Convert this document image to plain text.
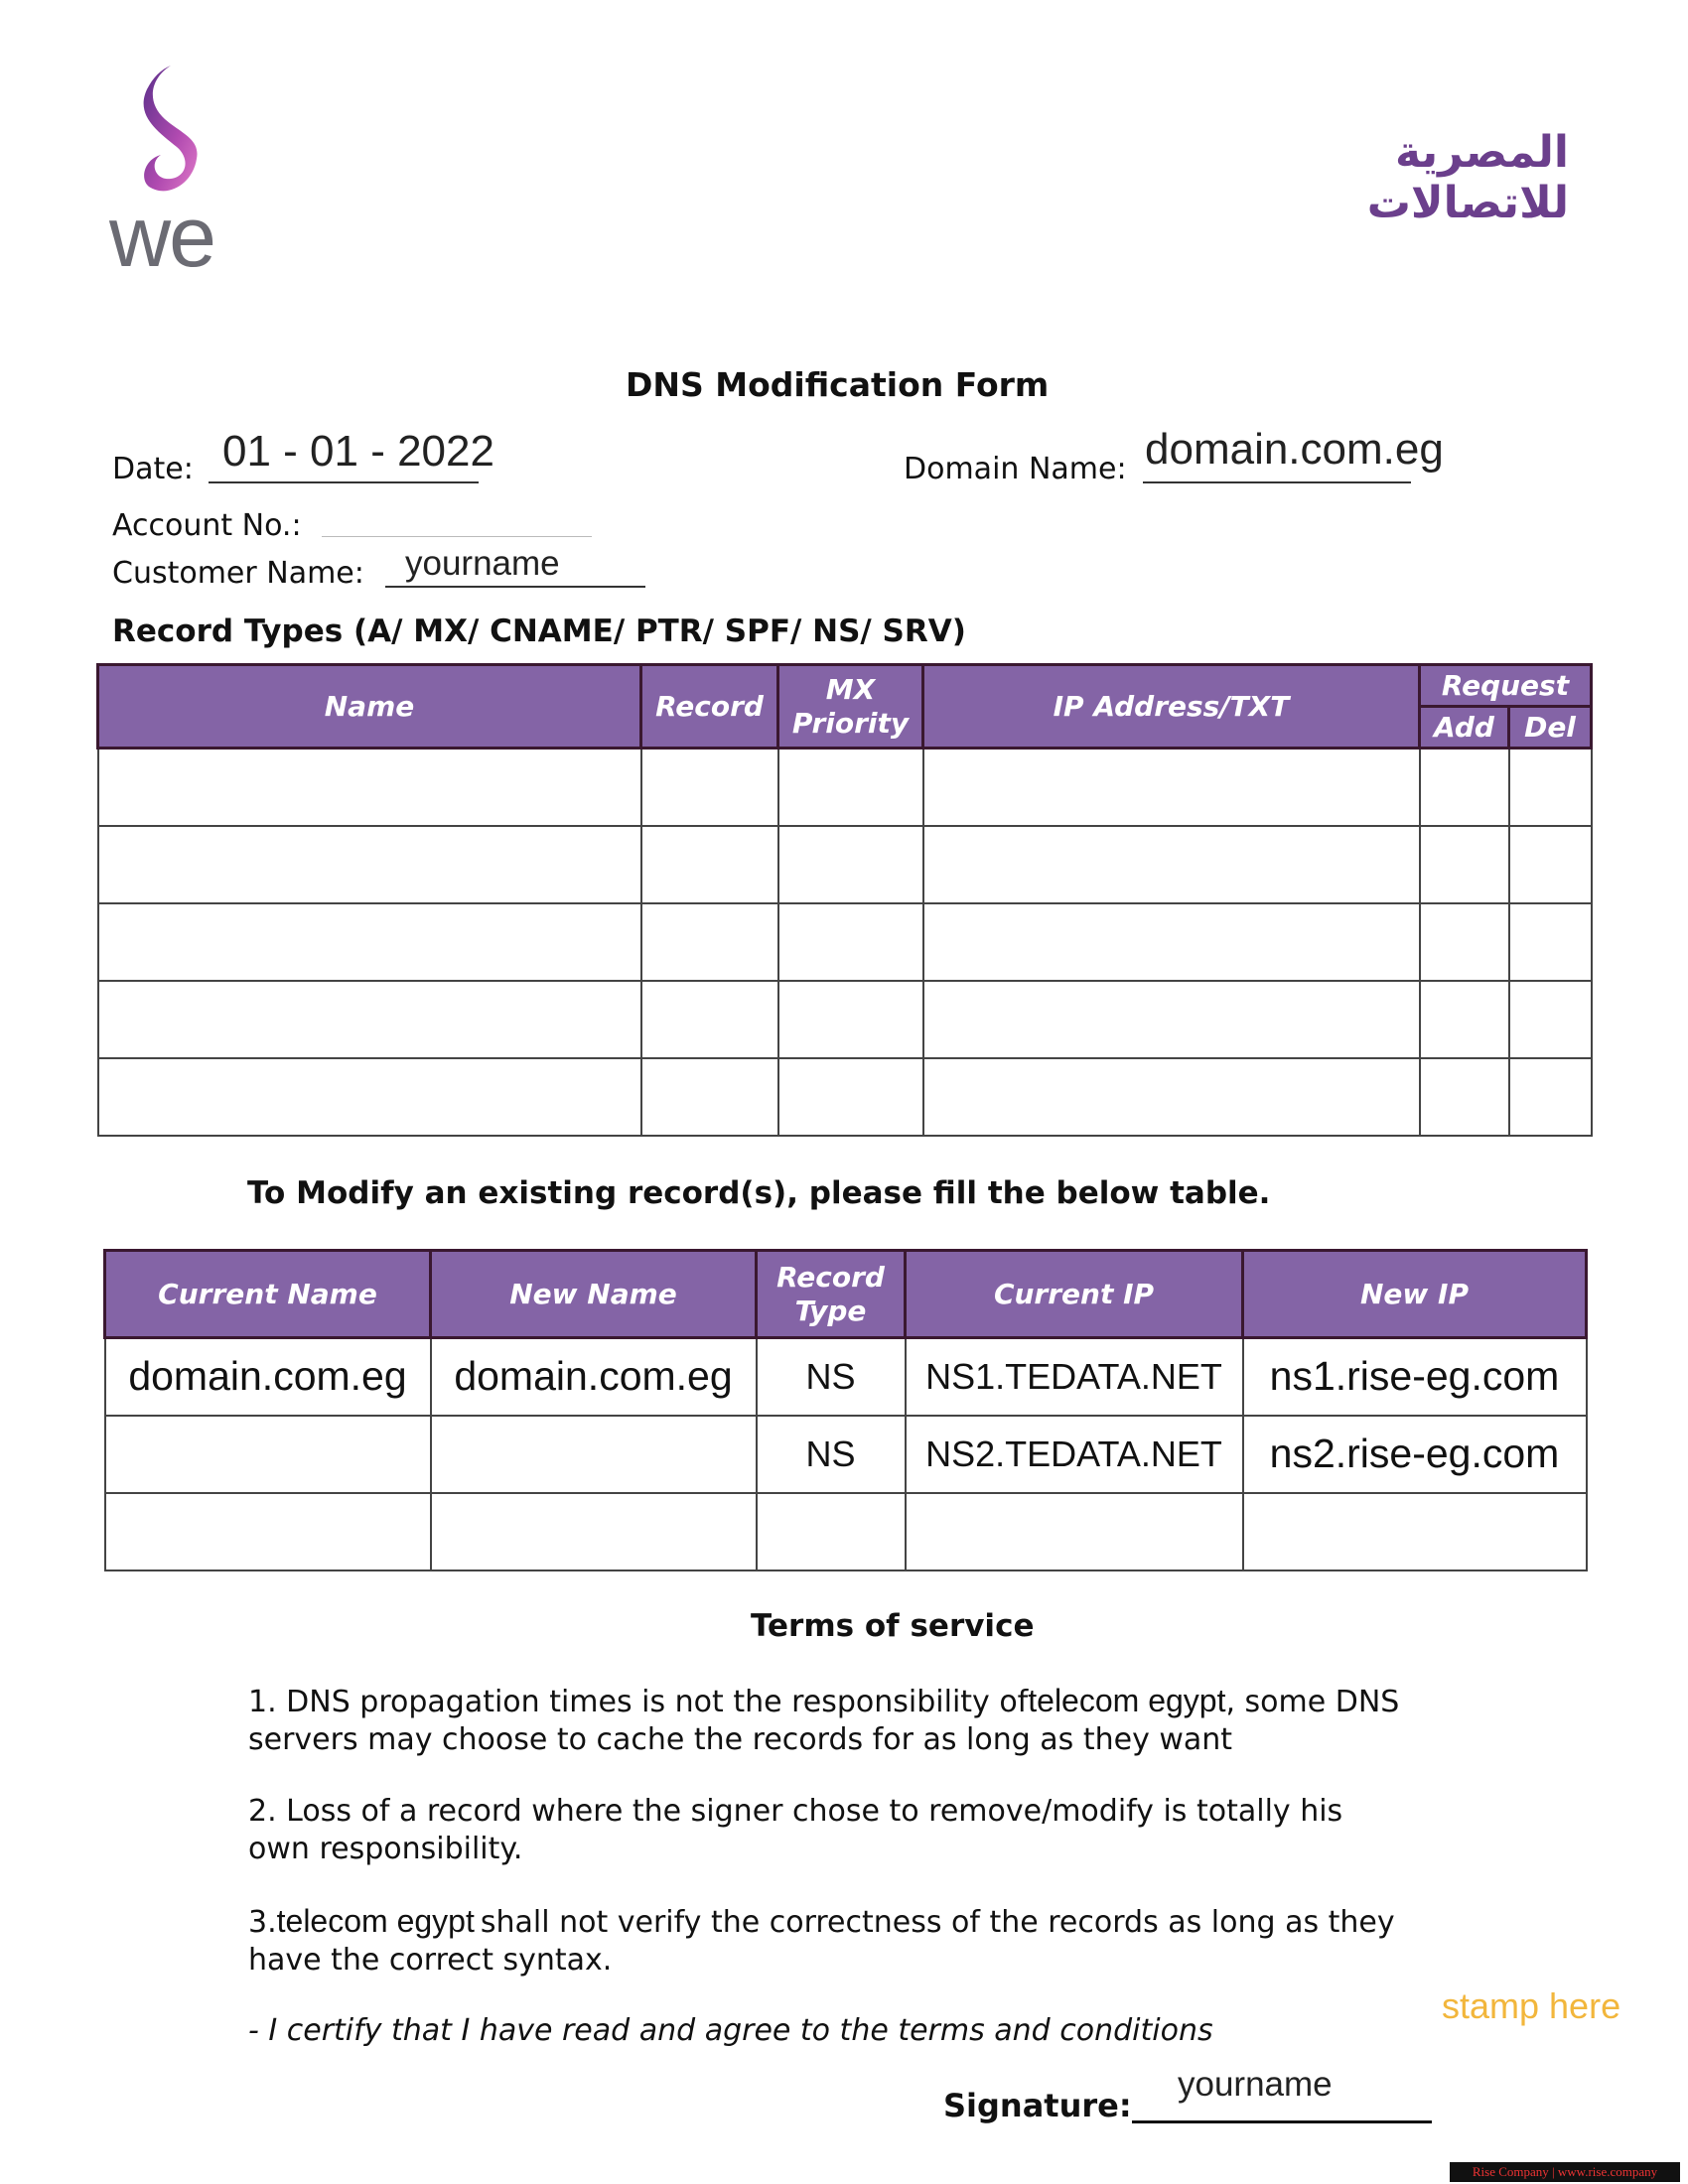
we
المصرية للاتصالات
DNS Modification Form
Date: 01 - 01 - 2022	Domain Name: domain.com.eg
Account No.:
Customer Name: yourname
Record Types (A/ MX/ CNAME/ PTR/ SPF/ NS/ SRV)
Name	Record	MX Priority	IP Address/TXT	Request	
				Add	Del

To Modify an existing record(s), please fill the below table.
Current Name	New Name	Record Type	Current IP	New IP
domain.com.eg	domain.com.eg	NS	NS1.TEDATA.NET	ns1.rise-eg.com
		NS	NS2.TEDATA.NET	ns2.rise-eg.com

Terms of service
1. DNS propagation times is not the responsibility oftelecom egypt, some DNS
servers may choose to cache the records for as long as they want
2. Loss of a record where the signer chose to remove/modify is totally his
own responsibility.
3.telecom egypt shall not verify the correctness of the records as long as they
have the correct syntax.
- I certify that I have read and agree to the terms and conditions
stamp here
Signature:
yourname
Rise Company | www.rise.company
